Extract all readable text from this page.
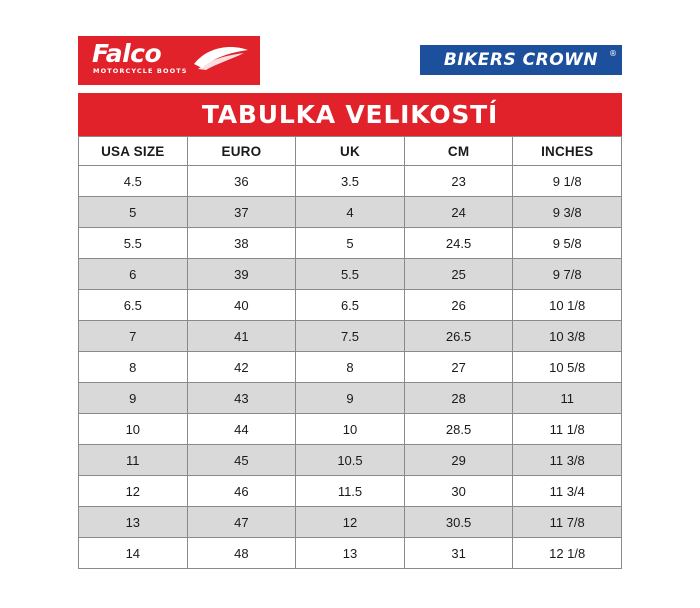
Falco
MOTORCYCLE BOOTS
BIKERS CROWN	®
TABULKA VELIKOSTÍ
USA SIZE	EURO	UK	CM	INCHES
4.5	36	3.5	23	9 1/8
5	37	4	24	9 3/8
5.5	38	5	24.5	9 5/8
6	39	5.5	25	9 7/8
6.5	40	6.5	26	10 1/8
7	41	7.5	26.5	10 3/8
8	42	8	27	10 5/8
9	43	9	28	11
10	44	10	28.5	11 1/8
11	45	10.5	29	11 3/8
12	46	11.5	30	11 3/4
13	47	12	30.5	11 7/8
14	48	13	31	12 1/8
